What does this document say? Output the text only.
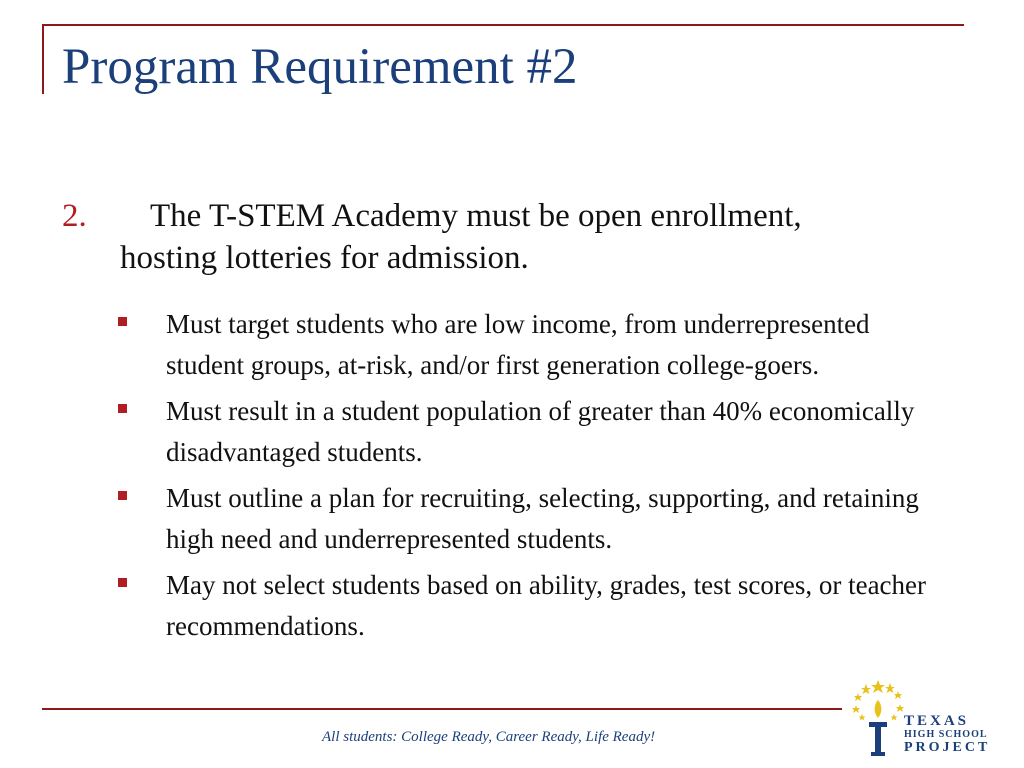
Program Requirement #2
2. The T-STEM Academy must be open enrollment,
hosting lotteries for admission.
Must target students who are low income, from underrepresented student groups, at-risk, and/or first generation college-goers.
Must result in a student population of greater than 40% economically disadvantaged students.
Must outline a plan for recruiting, selecting, supporting, and retaining high need and underrepresented students.
May not select students based on ability, grades, test scores, or teacher recommendations.
All students: College Ready, Career Ready, Life Ready!
TEXAS
HIGH SCHOOL
PROJECT
